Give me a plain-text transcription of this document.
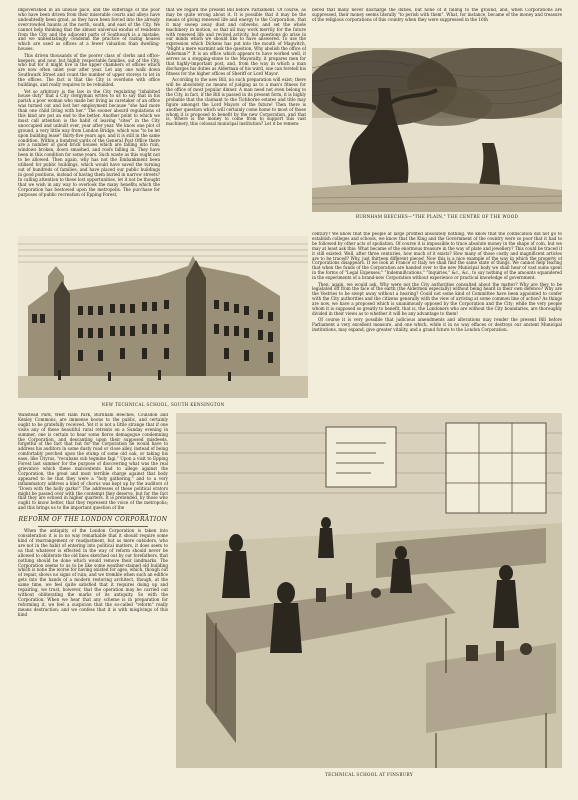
impoverished in an unwise pace, and the sufferings of the poor who have been driven from their miserable courts and alleys have undoubtedly been great, as they have been forced into the already overcrowded haunts at the north, south, and east of the City. We cannot help thinking that the almost universal exodus of residents from the City and the adjacent parts of Southwark is a mistake, and we unhesitatingly condemn the practice of razing houses which are used as offices at a fewer valuation than dwelling-houses.

This driven thousands of the poorer class of clerks and office-keepers, and now, but highly respectable families, out of the City, who but for it might live in the upper chambers of offices which are now often unlet year after year. Let any one walk down Southwark Street and count the number of upper storeys to let in the offices. The fact is that the City is overdone with office buildings, and really requires to be rebuilded.

Yet so arbitrary is the law in the City regulating "inhabited house duty" that a City clergyman writes to us to say that in his parish a poor woman who made her living as caretaker of an office was turned out and lost her employment because "she had more than one child living with her." The sooner absurd regulations of this kind are put an end to the better. Another point to which we must call attention is the habit of leaving "sites" in the City unoccupied and unbuilt over, year after year. We know one plot of ground, a very little way from London Bridge, which was "to be let upon building lease" thirty-five years ago, and it is still in the same condition. Within a hundred yards of the General Post Office there are a number of good brick houses which are falling into ruin, windows broken, doors smashed, and roofs falling in. They have been in this condition for some years. Such waste as this ought not to be allowed. Then again, why has not the Embankment been utilised for public buildings, which would have saved the turning out of hundreds of families, and have placed our public buildings in good positions, instead of having them buried in narrow streets? In calling attention to these lost opportunities, let it not be thought that we wish in any way to overlook the many benefits which the Corporation has bestowed upon the metropolis. The purchase for purposes of public recreation of Epping Forest,

that we regard the present Bill before Parliament. Of course, as may be quite wrong about it. It is possible that it may be the means of giving renewed life and energy to the Corporation, that it may sweep away dust and cobwebs, and set the whole machinery in motion, so that all may work merrily for the future with renewed life and revived activity, but questions do arise in our minds which we should like to have answered. To use the expression which Dickens has put into the mouth of Magwitch, "Might a mere warmint ask the question, Why abolish the office of Alderman?" It is an office which appears to have worked well, it serves as a stepping-stone to the Mayoralty, it prepares men for that highly-important post, and, from the way in which a man discharges his duties as Alderman of his ward, one can foretell his fitness for the higher offices of Sheriff or Lord Mayor.

According to the new Bill, no such preparation will exist; there will be absolutely no means of judging as to a man's fitness for the office of most popular dinner. A man need not even belong to the City, in fact, if the Bill is passed in its present form, it is highly probable that the claimant to the Tichborne estates and title may figure amongst the Lord Mayors of the future! Then there is another question which will certainly come home to most of those whom it is proposed to benefit by the new Corporation, and that is, Where is the money to come from to support this vast machinery, this colossal municipal institution? Let it be remem-

bered that many never discharge the duties, but none of it falling to the ground, and, when Corporations are suppressed, their money seems literally "to perish with them". What, for instance, became of the money and treasure of the religious corporations of this country when they were suppressed in the 16th

BURNHAM BEECHES—"THE PLAIN," THE CENTRE OF THE WOOD
NEW TECHNICAL SCHOOL, SOUTH KENSINGTON

century? We know that the people at large profited absolutely nothing. We know that the confiscation did not go to establish colleges and schools, we know that the King and the Government of the country were so poor that it had to be followed by other acts of spoliation. Of course it is impossible to trace absolute money in the shape of coin, but we may at least ask this: What became of the enormous treasure in the way of plate and jewellery? This could be traced if it still existed. Well, after three centuries, how much of it exists? How many of those costly and magnificent articles are to be traced? Why, just thirteen different pieces! Now this is a nice example of the way in which the property of Corporations disappears. If we look at France or Italy we shall find the same state of things. We cannot help fearing that when the funds of the Corporation are handed over to the new Municipal body we shall hear of vast sums spent in the forms of "Legal Expenses," "Indemnifications," "Inquiries," &c., &c., to say nothing of the amounts squandered in the experiments of a brand-new Corporation without experience or practical knowledge of government.

Then, again, we would ask, Why were not the City authorities consulted about the matter? Why are they to be legislated off from the face of the earth (the Aldermen especially) without being heard in their own defence? Why are the Vestries to be swept away without a hearing? Could not some kind of Committee have been appointed to confer with the City authorities and the citizens generally with the view of arriving at some common line of action? As things are now, we have a proposed which is unanimously opposed by the Corporation and the City; while the very people whom it is supposed so greatly to benefit, that is, the Londoners who are without the City boundaries, are thoroughly divided in their views as to whether it will be any advantage to them!

Of course it is very possible that judicious amendments and alterations may render the present Bill before Parliament a very excellent measure, and one which, while it in no way effaces or destroys our ancient Municipal institutions, may expand, give greater vitality, and a grand future to the London Corporation.

Wanstead Park, West Ham Park, Burnham Beeches, Coulsdon and Kenley Commons, are immense boons to the public, and certainly ought to be gratefully received. Yet it is not a little strange that if one visits any of these beautiful rural retreats on a Sunday evening in summer, one is certain to hear some fierce demagogue condemning the Corporation, and descanting upon their supposed misdeeds, forgetful of the fact that but for the Corporation he would have to address his auditors in some dusty road or close alley, instead of being comfortably perched upon the stump of some old oak, or taking his ease, like Tityrus, "recubans sub tegmine fagi." Upon a visit to Epping Forest last summer for the purpose of discovering what was the real grievance which these malcontents had to allege against the Corporation, the great and most terrible charge against that body appeared to be that they were a "holy gathering," and to a very inflammatory address a kind of chorus was kept up by the auditors of "Down with the holly garks!" The addresses of these political orators might be passed over with the contempt they deserve, but for the fact that they are echoed in higher quarters. It is pretended, by those who ought to know better, that they represent the voice of the metropolis; and this brings us to the important question of the

REFORM OF THE LONDON CORPORATION

When the antiquity of the London Corporation is taken into consideration it is in no way remarkable that it should require some kind of rearrangement or readjustment, but as mere outsiders, who are not in the habit of entering into political matters, it does seem to us that whatever is effected in the way of reform should never be allowed to obliterate the old lines sketched out by our forefathers, that nothing should be done which would remove their landmarks. The Corporation seems to us to be like some weather-stained old building which is none the worse for having existed for ages, which, though out of repair, shows no signs of ruin; and we tremble when such an edifice gets into the hands of a modern restoring architect, though, at the same time, we feel quite satisfied that it requires doing up and repairing, we trust, however, that the operation may be carried out without obliterating the marks of its antiquity. So with the Corporation. When we hear that any scheme is in preparation for reforming it, we feel a suspicion that the so-called "reform" really means destruction; and we confess that it is with misgivings of this kind

TECHNICAL SCHOOL AT FINSBURY
